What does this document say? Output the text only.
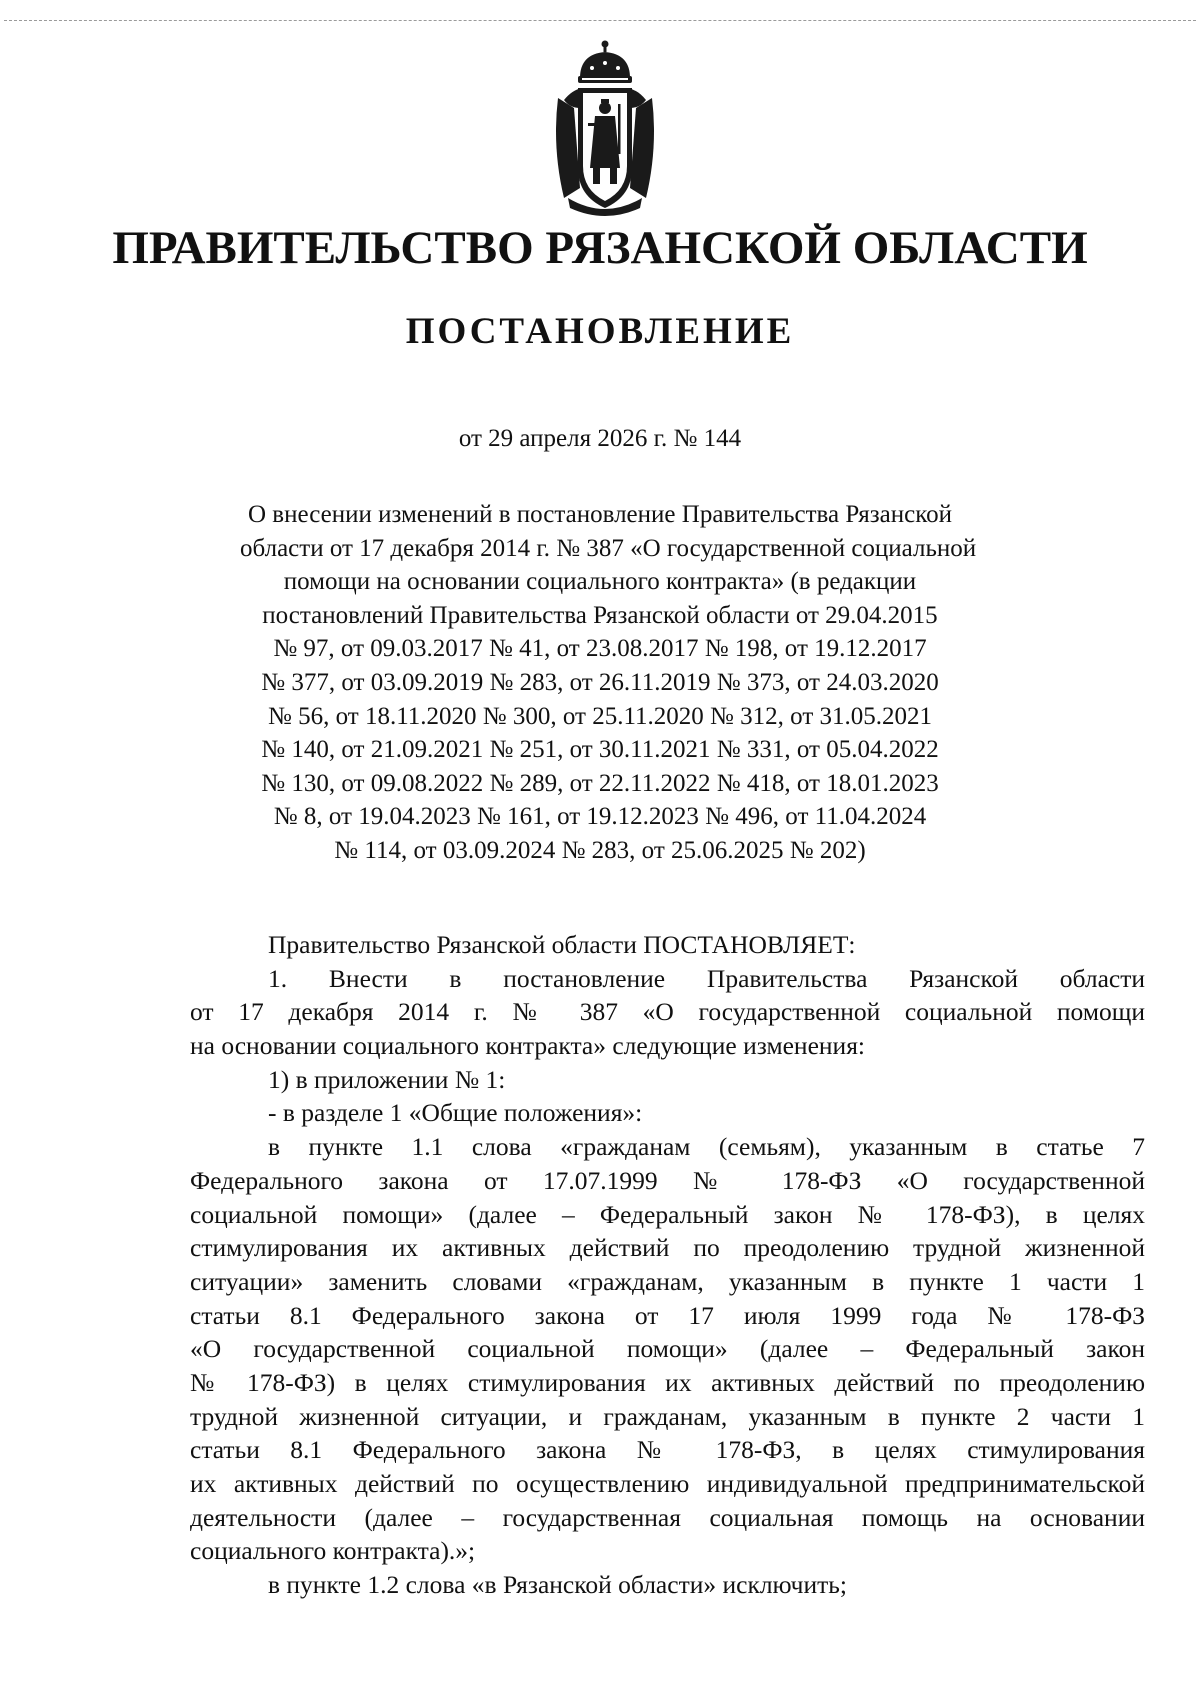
ПРАВИТЕЛЬСТВО РЯЗАНСКОЙ ОБЛАСТИ
ПОСТАНОВЛЕНИЕ
от 29 апреля 2026 г. № 144
О внесении изменений в постановление Правительства Рязанской
области от 17 декабря 2014 г. № 387 «О государственной социальной
помощи на основании социального контракта» (в редакции
постановлений Правительства Рязанской области от 29.04.2015
№ 97, от 09.03.2017 № 41, от 23.08.2017 № 198, от 19.12.2017
№ 377, от 03.09.2019 № 283, от 26.11.2019 № 373, от 24.03.2020
№ 56, от 18.11.2020 № 300, от 25.11.2020 № 312, от 31.05.2021
№ 140, от 21.09.2021 № 251, от 30.11.2021 № 331, от 05.04.2022
№ 130, от 09.08.2022 № 289, от 22.11.2022 № 418, от 18.01.2023
№ 8, от 19.04.2023 № 161, от 19.12.2023 № 496, от 11.04.2024
№ 114, от 03.09.2024 № 283, от 25.06.2025 № 202)
Правительство Рязанской области ПОСТАНОВЛЯЕТ:
1. Внести в постановление Правительства Рязанской области
от 17 декабря 2014 г. № 387 «О государственной социальной помощи
на основании социального контракта» следующие изменения:
1) в приложении № 1:
- в разделе 1 «Общие положения»:
в пункте 1.1 слова «гражданам (семьям), указанным в статье 7
Федерального закона от 17.07.1999 № 178-ФЗ «О государственной
социальной помощи» (далее – Федеральный закон № 178-ФЗ), в целях
стимулирования их активных действий по преодолению трудной жизненной
ситуации» заменить словами «гражданам, указанным в пункте 1 части 1
статьи 8.1 Федерального закона от 17 июля 1999 года № 178-ФЗ
«О государственной социальной помощи» (далее – Федеральный закон
№ 178-ФЗ) в целях стимулирования их активных действий по преодолению
трудной жизненной ситуации, и гражданам, указанным в пункте 2 части 1
статьи 8.1 Федерального закона № 178-ФЗ, в целях стимулирования
их активных действий по осуществлению индивидуальной предпринимательской
деятельности (далее – государственная социальная помощь на основании
социального контракта).»;
в пункте 1.2 слова «в Рязанской области» исключить;
